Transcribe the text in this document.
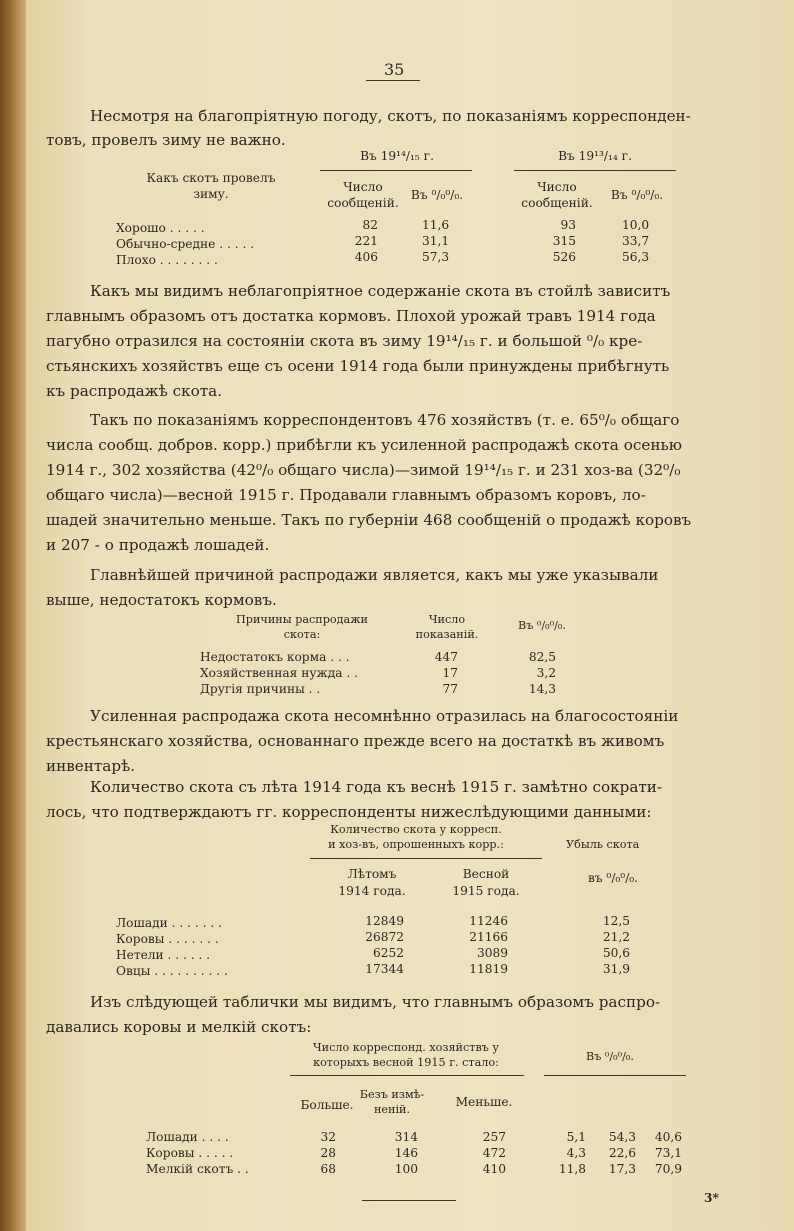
35
Несмотря на благопріятную погоду, скотъ, по показаніямъ корреспонден-
товъ, провелъ зиму не важно.
Какъ скотъ провелъ
зиму.
Въ 19¹⁴/₁₅ г.	Въ 19¹³/₁₄ г.
Число
сообщеній.
Въ ⁰/₀⁰/₀.
Число
сообщеній.
Въ ⁰/₀⁰/₀.
Хорошо . . . . .	82	11,6	93	10,0
Обычно-средне . . . . .	221	31,1	315	33,7
Плохо . . . . . . . .	406	57,3	526	56,3
Какъ мы видимъ неблагопріятное содержаніе скота въ стойлѣ зависитъ
главнымъ образомъ отъ достатка кормовъ. Плохой урожай травъ 1914 года
пагубно отразился на состояніи скота въ зиму 19¹⁴/₁₅ г. и большой ⁰/₀ кре-
стьянскихъ хозяйствъ еще съ осени 1914 года были принуждены прибѣгнуть
къ распродажѣ скота.
Такъ по показаніямъ корреспондентовъ 476 хозяйствъ (т. е. 65⁰/₀ общаго
числа сообщ. добров. корр.) прибѣгли къ усиленной распродажѣ скота осенью
1914 г., 302 хозяйства (42⁰/₀ общаго числа)—зимой 19¹⁴/₁₅ г. и 231 хоз-ва (32⁰/₀
общаго числа)—весной 1915 г. Продавали главнымъ образомъ коровъ, ло-
шадей значительно меньше. Такъ по губерніи 468 сообщеній о продажѣ коровъ
и 207 - о продажѣ лошадей.
Главнѣйшей причиной распродажи является, какъ мы уже указывали
выше, недостатокъ кормовъ.
Причины распродажи
скота:
Число
показаній.
Въ ⁰/₀⁰/₀.
Недостатокъ корма . . .	447	82,5
Хозяйственная нужда . .	17	3,2
Другія причины . .	77	14,3
Усиленная распродажа скота несомнѣнно отразилась на благосостояніи
крестьянскаго хозяйства, основаннаго прежде всего на достаткѣ въ живомъ
инвентарѣ.
Количество скота съ лѣта 1914 года къ веснѣ 1915 г. замѣтно сократи-
лось, что подтверждаютъ гг. корреспонденты нижеслѣдующими данными:
Количество скота у корресп.
и хоз-въ, опрошенныхъ корр.:	Убыль скота
Лѣтомъ
1914 года.
Весной
1915 года.
въ ⁰/₀⁰/₀.
Лошади . . . . . . .	12849	11246	12,5
Коровы . . . . . . .	26872	21166	21,2
Нетели . . . . . .	6252	3089	50,6
Овцы . . . . . . . . . .	17344	11819	31,9
Изъ слѣдующей таблички мы видимъ, что главнымъ образомъ распро-
давались коровы и мелкій скотъ:
Число корреспонд. хозяйствъ у
которыхъ весной 1915 г. стало:	Въ ⁰/₀⁰/₀.
Больше.
Безъ измѣ-
ненiй.
Меньше.
Лошади . . . .	32	314	257	5,1	54,3	40,6
Коровы . . . . .	28	146	472	4,3	22,6	73,1
Мелкій скотъ . .	68	100	410	11,8	17,3	70,9
3*
